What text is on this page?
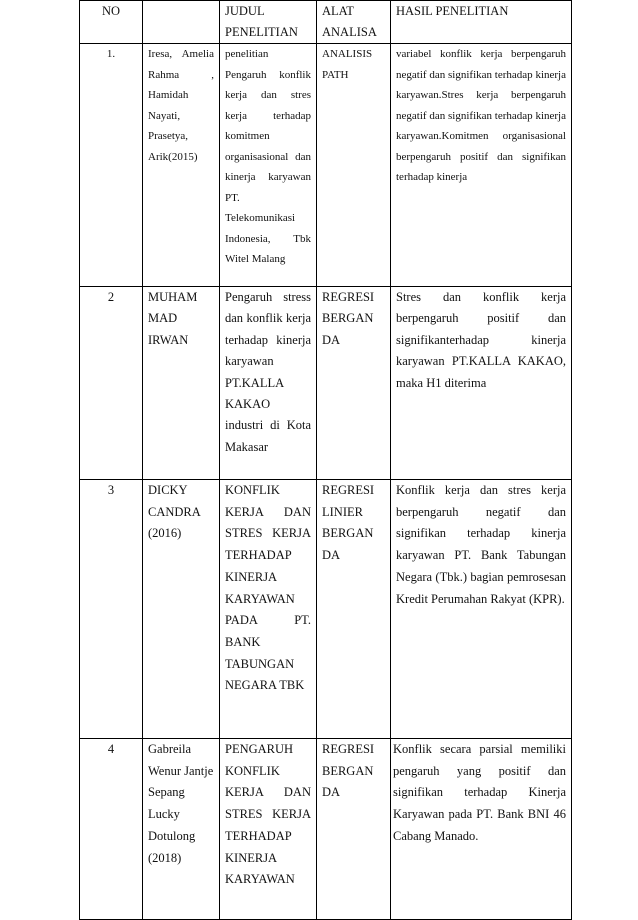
NO		JUDUL PENELITIAN	ALAT ANALISA	HASIL PENELITIAN

1.	Iresa, Amelia Rahma , Hamidah Nayati, Prasetya, Arik(2015)	penelitian Pengaruh konflik kerja dan stres kerja terhadap komitmen organisasional dan kinerja karyawan PT. Telekomunikasi Indonesia, Tbk Witel Malang	ANALISIS PATH	variabel konflik kerja berpengaruh negatif dan signifikan terhadap kinerja karyawan.Stres kerja berpengaruh negatif dan signifikan terhadap kinerja karyawan.Komitmen organisasional berpengaruh positif dan signifikan terhadap kinerja

2	MUHAM MAD IRWAN	Pengaruh stress dan konflik kerja terhadap kinerja karyawan PT.KALLA KAKAO industri di Kota Makasar	REGRESI BERGAN DA	Stres dan konflik kerja berpengaruh positif dan signifikanterhadap kinerja karyawan PT.KALLA KAKAO, maka H1 diterima

3	DICKY CANDRA (2016)	KONFLIK KERJA DAN STRES KERJA TERHADAP KINERJA KARYAWAN PADA PT. BANK TABUNGAN NEGARA TBK	REGRESI LINIER BERGAN DA	Konflik kerja dan stres kerja berpengaruh negatif dan signifikan terhadap kinerja karyawan PT. Bank Tabungan Negara (Tbk.) bagian pemrosesan Kredit Perumahan Rakyat (KPR).

4	Gabreila Wenur Jantje Sepang Lucky Dotulong (2018)	PENGARUH KONFLIK KERJA DAN STRES KERJA TERHADAP KINERJA KARYAWAN	REGRESI BERGAN DA	Konflik secara parsial memiliki pengaruh yang positif dan signifikan terhadap Kinerja Karyawan pada PT. Bank BNI 46 Cabang Manado.
